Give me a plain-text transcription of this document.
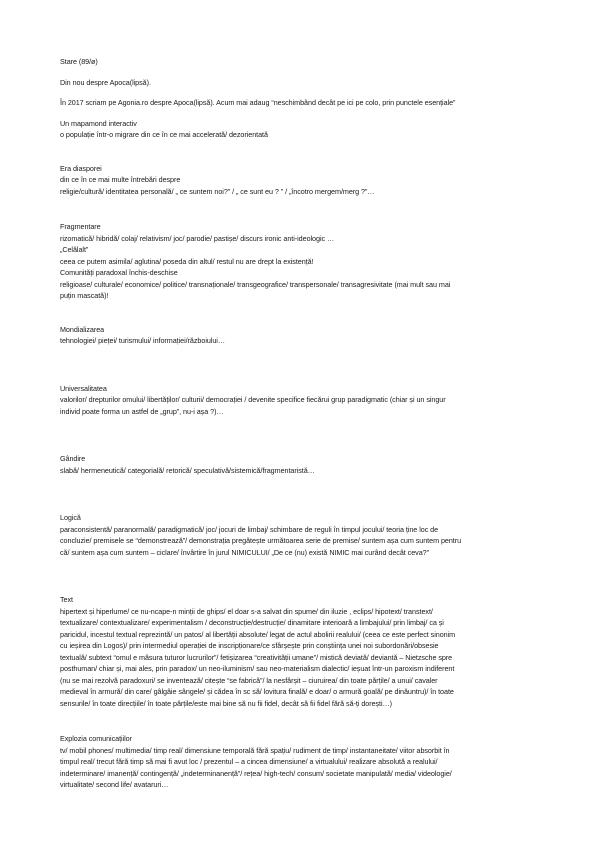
Stare (89/ø)
Din nou despre Apoca(lipsă).
În 2017 scriam pe Agonia.ro despre Apoca(lipsă). Acum mai adaug “neschimbând decât pe ici pe colo, prin punctele esențiale”
Un mapamond interactiv
o populație într-o migrare din ce în ce mai accelerată/ dezorientată
Era diasporei
din ce în ce mai multe întrebări despre
religie/cultură/ identitatea personală/ „ ce suntem noi?” / „ ce sunt eu ? ” / „încotro mergem/merg ?”…
Fragmentare
rizomatică/ hibridă/ colaj/ relativism/ joc/ parodie/ pastișe/ discurs ironic anti-ideologic …
„Celălalt”
ceea ce putem asimila/ aglutina/ poseda din altul/ restul nu are drept la existență!
Comunități paradoxal închis-deschise
religioase/ culturale/ economice/ politice/ transnaționale/ transgeografice/ transpersonale/ transagresivitate (mai mult sau mai
puțin mascată)!
Mondializarea
tehnologiei/ pieței/ turismului/ informației/războiului…
Universalitatea
valorilor/ drepturilor omului/ libertăților/ culturii/ democrației / devenite specifice fiecărui grup paradigmatic (chiar și un singur
individ poate forma un astfel de „grup”, nu-i așa ?)…
Gândire
slabă/ hermeneutică/ categorială/ retorică/ speculativă/sistemică/fragmentaristă…
Logică
paraconsistentă/ paranormală/ paradigmatică/ joc/ jocuri de limbaj/ schimbare de reguli în timpul jocului/ teoria ține loc de
concluzie/ premisele se “demonstrează”/ demonstrația pregătește următoarea serie de premise/ suntem așa cum suntem pentru
că/ suntem așa cum suntem – ciclare/ învârtire în jurul NIMICULUI/ „De ce (nu) există NIMIC mai curând decât ceva?”
Text
hipertext și hiperlume/ ce nu-ncape-n minții de ghips/ el doar s-a salvat din spume/ din iluzie , eclips/ hipotext/ transtext/
textualizare/ contextualizare/ experimentalism / deconstrucție/destrucție/ dinamitare interioară a limbajului/ prin limbaj/ ca și
paricidul, incestul textual reprezintă/ un patos/ al libertății absolute/ legat de actul abolirii realului/ (ceea ce este perfect sinonim
cu ieșirea din Logos)/ prin intermediul operației de inscripționare/ce sfârșește prin conștiința unei noi subordonări/obsesie
textuală/ subtext “omul e măsura tuturor lucrurilor”/ fetișizarea “creativității umane”/ mistică deviată/ deviantă – Nietzsche spre
posthuman/ chiar și, mai ales, prin paradox/ un neo-iluminism/ sau neo-materialism dialectic/ ieșuat într-un paroxism indiferent
(nu se mai rezolvă paradoxuri/ se inventează/ citește “se fabrică”/ la nesfârșit – ciuruirea/ din toate părțile/ a unui/ cavaler
medieval în armură/ din care/ gâlgâie sângele/ și cădea în sc să/ lovitura finală/ e doar/ o armură goală/ pe dinăuntru)/ în toate
sensurile/ în toate direcțiile/ în toate părțile/este mai bine să nu fii fidel, decât să fii fidel fără să-ți dorești…)
Explozia comunicațiilor
tv/ mobil phones/ multimedia/ timp real/ dimensiune temporală fără spațiu/ rudiment de timp/ instantaneitate/ viitor absorbit în
timpul real/ trecut fără timp să mai fi avut loc / prezentul – a cincea dimensiune/ a virtualului/ realizare absolută a realului/
indeterminare/ imanență/ contingență/ „indeterminanență”/ rețea/ high-tech/ consum/ societate manipulată/ media/ videologie/
virtualitate/ second life/ avataruri…
